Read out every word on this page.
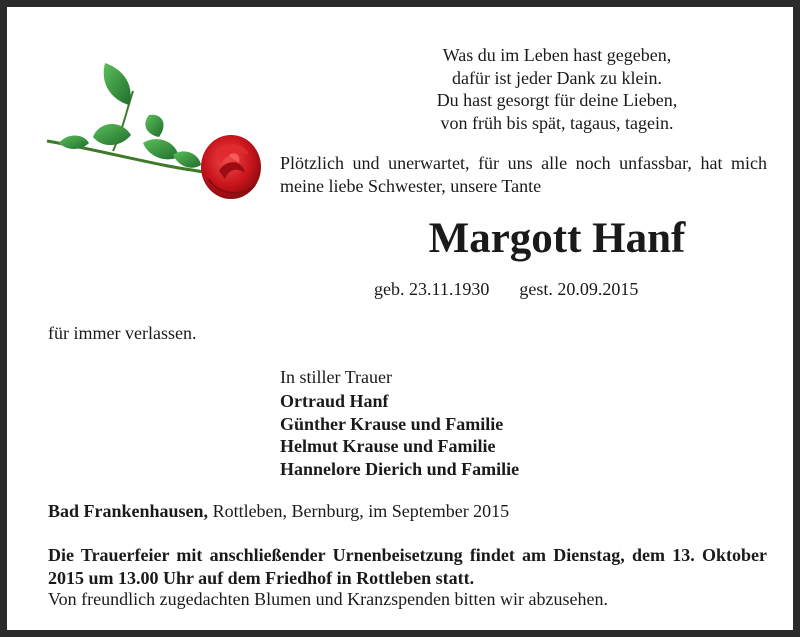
Was du im Leben hast gegeben,
dafür ist jeder Dank zu klein.
Du hast gesorgt für deine Lieben,
von früh bis spät, tagaus, tagein.
Plötzlich und unerwartet, für uns alle noch unfassbar, hat mich meine liebe Schwester, unsere Tante
Margott Hanf
geb. 23.11.1930 gest. 20.09.2015
für immer verlassen.
In stiller Trauer
Ortraud Hanf
Günther Krause und Familie
Helmut Krause und Familie
Hannelore Dierich und Familie
Bad Frankenhausen, Rottleben, Bernburg, im September 2015
Die Trauerfeier mit anschließender Urnenbeisetzung findet am Dienstag, dem 13. Oktober 2015 um 13.00 Uhr auf dem Friedhof in Rottleben statt.
Von freundlich zugedachten Blumen und Kranzspenden bitten wir abzusehen.
